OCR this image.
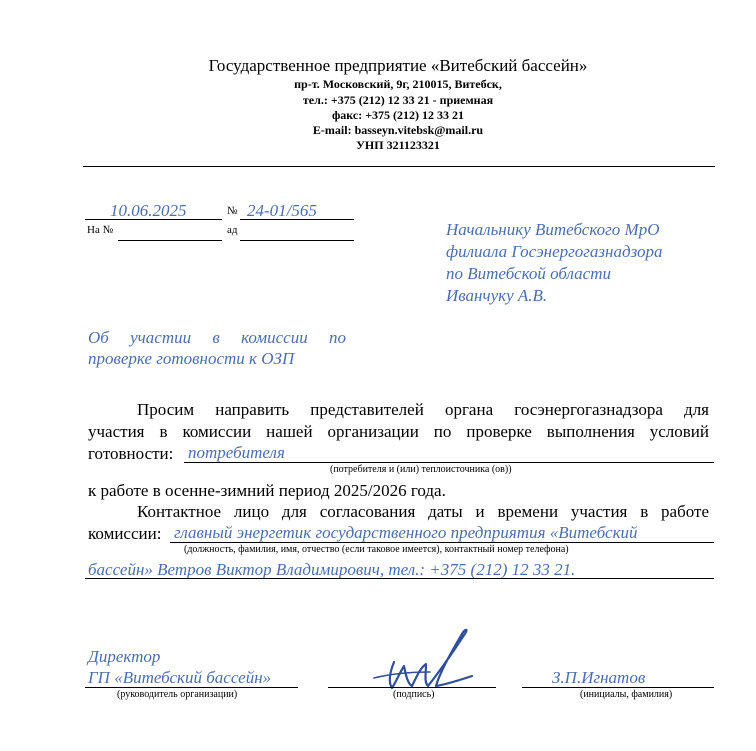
Государственное предприятие «Витебский бассейн»
пр-т. Московский, 9г, 210015, Витебск,
тел.: +375 (212) 12 33 21 - приемная
факс: +375 (212) 12 33 21
E-mail: basseyn.vitebsk@mail.ru
УНП 321123321
10.06.2025	№ 24-01/565
На №	ад	Начальнику Витебского МрО
филиала Госэнергогазнадзора
по Витебской области
Иванчуку А.В.
Об участии в комиссии по
проверке готовности к ОЗП
Просим направить представителей органа госэнергогазнадзора для
участия в комиссии нашей организации по проверке выполнения условий
готовности: потребителя
(потребителя и (или) теплоисточника (ов))
к работе в осенне-зимний период 2025/2026 года.
Контактное лицо для согласования даты и времени участия в работе
комиссии: главный энергетик государственного предприятия «Витебский
(должность, фамилия, имя, отчество (если таковое имеется), контактный номер телефона)
бассейн» Ветров Виктор Владимирович, тел.: +375 (212) 12 33 21.
Директор
ГП «Витебский бассейн»
(руководитель организации)	(подпись)
З.П.Игнатов
(инициалы, фамилия)
